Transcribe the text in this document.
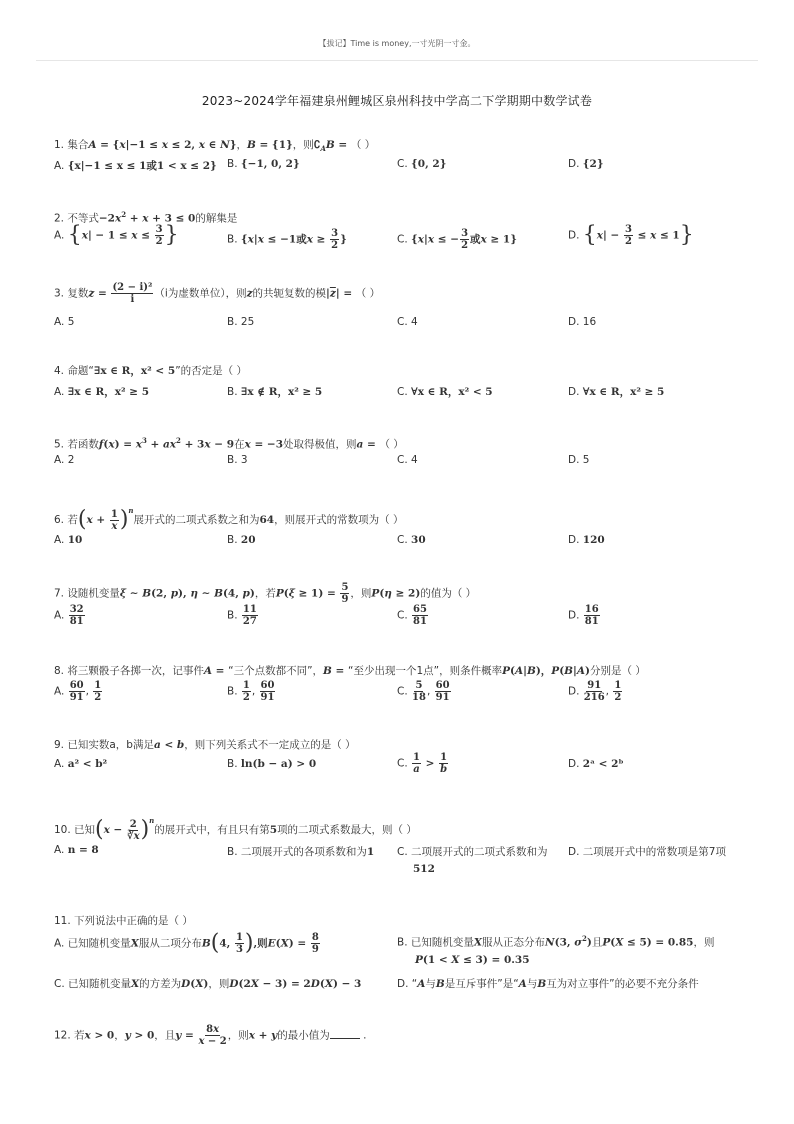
【拔记】Time is money,一寸光阴一寸金。
2023~2024学年福建泉州鲤城区泉州科技中学高二下学期期中数学试卷
1. 集合A = {x|−1 ≤ x ≤ 2, x ∈ N}，B = {1}，则$∁_AB$ = （ ）
A. {x|−1 ≤ x ≤ 1或1 < x ≤ 2} B. {−1, 0, 2}	C. {0, 2}	D. {2}
2. 不等式$-2x^2 + x + 3 \le 0$的解集是
A. {$x| - 1 \le x \le \frac{3}{2}$ }	B. {x|x ≤ −1或$x \ge \frac{3}{2}$ }	C. {x|x ≤ − $\frac{3}{2}$ 或x ≥ 1}	D. $\{x| - \frac{3}{2} \le x \le 1\}$
3. 复数$z = \frac{\text{(2 − i)²}}{i} (i$为虚数单位），则z的共轭复数的模$|\overline{z}|$ = （ ）
A. 5	B. 25	C. 4	D. 16
4. 命题“∃x ∈ R，x² < 5”的否定是（ ）
A. ∃x ∈ R，x² ≥ 5	B. ∃x ∉ R，x² ≥ 5	C. ∀x ∈ R，x² < 5	D. ∀x ∈ R，x² ≥ 5
5. 若函数$f(x) = x^3 + ax^2 + 3x - 9$在x = −3处取得极值，则a = （ ）
A. 2	B. 3	C. 4	D. 5
6. 若$(x + \frac{1}{x} )^n$展开式的二项式系数之和为64，则展开式的常数项为（ ）
A. 10	B. 20	C. 30	D. 120
7. 设随机变量ξ ∼ B(2, p), η ∼ B(4, p)，若$P(\xi \ge 1) = \frac{5}{9}$ ，则P(η ≥ 2)的值为（ ）
A. $\frac{32}{81}$	B. $\frac{11}{27}$	C. $\frac{65}{81}$	D. $\frac{16}{81}$
8. 将三颗骰子各掷一次，记事件A = “三个点数都不同”，B = “至少出现一个1点”，则条件概率P(A|B)，P(B|A)分别是（ ）
A. $\frac{60}{91}$ , $\frac{1}{2}$	B. $\frac{1}{2}$ , $\frac{60}{91}$	C. $\frac{5}{18}$ , $\frac{60}{91}$	D. $\frac{91}{216}$ , $\frac{1}{2}$
9. 已知实数a，b满足a < b，则下列关系式不一定成立的是（ ）
A. a² < b²	B. ln(b − a) > 0	C. $\frac{1}{a} > \frac{1}{b}$	D. 2ᵃ < 2ᵇ
10. 已知$(x - \frac{2}{∛x} )^n$的展开式中，有且只有第5项的二项式系数最大，则（ ）
A. n = 8	B. 二项展开式的各项系数和为1 C. 二项展开式的二项式系数和为
512
D. 二项展开式中的常数项是第7项
11. 下列说法中正确的是（ ）
A. 已知随机变量X服从二项分布B(4, $\frac{1}{3}$ ),则$E(X) = \frac{8}{9}$	B. 已知随机变量X服从正态分布N(3, $\sigma^2$)且P(X ≤ 5) = 0.85，则
P(1 < X ≤ 3) = 0.35
C. 已知随机变量X的方差为D(X)，则D(2X − 3) = 2D(X) − 3	D. “A与B是互斥事件”是“A与B互为对立事件”的必要不充分条件
12. 若x > 0，y > 0，且$y = \frac{8x}{x - 2}$ ，则x + y的最小值为	.
